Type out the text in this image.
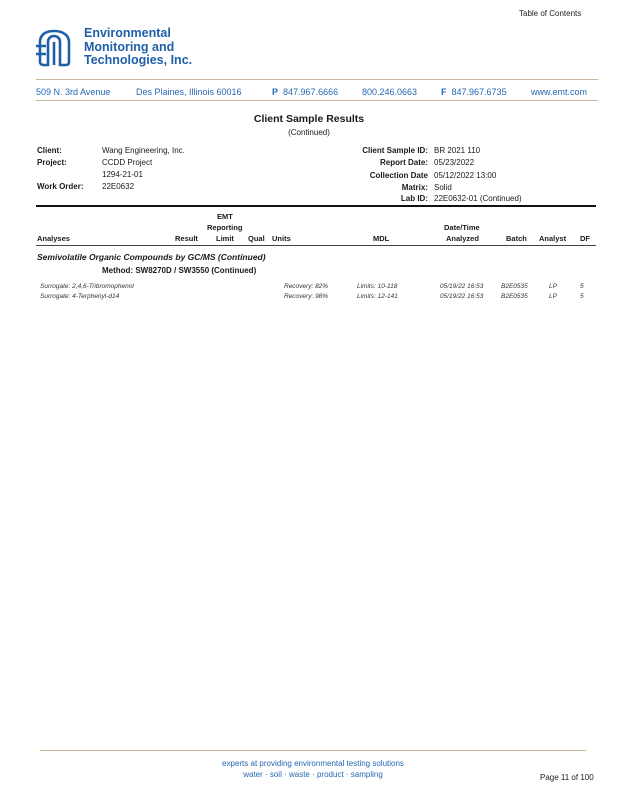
Table of Contents
Environmental
Monitoring and
Technologies, Inc.
509 N. 3rd Avenue	Des Plaines, Illinois 60016	P 847.967.6666	800.246.0663	F 847.967.6735	www.emt.com
Client Sample Results
(Continued)
Client:	Wang Engineering, Inc.
Project:	CCDD Project
1294-21-01
Work Order: 22E0632
Client Sample ID: BR 2021 110
Report Date: 05/23/2022
Collection Date 05/12/2022 13:00
Matrix: Solid
Lab ID: 22E0632-01 (Continued)
EMT
Reporting	Date/Time
Analyses	Result Limit Qual Units	MDL	Analyzed	Batch Analyst DF
Semivolatile Organic Compounds by GC/MS (Continued)
Method: SW8270D / SW3550 (Continued)
Surrogate: 2,4,6-Tribromophenol	Recovery: 82%	Limits: 10-118	05/19/22 16:53	B2E0535	LP	5
Surrogate: 4-Terphenyl-d14	Recovery: 98%	Limits: 12-141	05/19/22 16:53	B2E0535	LP	5
experts at providing environmental testing solutions
water · soil · waste · product · sampling	Page 11 of 100
